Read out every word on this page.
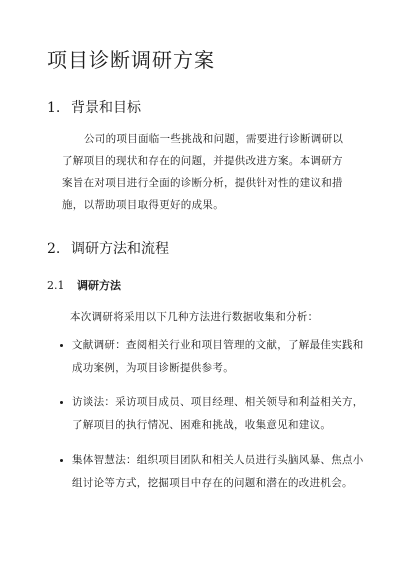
项目诊断调研方案
1. 背景和目标

公司的项目面临一些挑战和问题，需要进行诊断调研以了解项目的现状和存在的问题，并提供改进方案。本调研方案旨在对项目进行全面的诊断分析，提供针对性的建议和措施，以帮助项目取得更好的成果。

2. 调研方法和流程
2.1 调研方法

本次调研将采用以下几种方法进行数据收集和分析：

文献调研：查阅相关行业和项目管理的文献，了解最佳实践和成功案例，为项目诊断提供参考。
访谈法：采访项目成员、项目经理、相关领导和利益相关方，了解项目的执行情况、困难和挑战，收集意见和建议。
集体智慧法：组织项目团队和相关人员进行头脑风暴、焦点小组讨论等方式，挖掘项目中存在的问题和潜在的改进机会。
